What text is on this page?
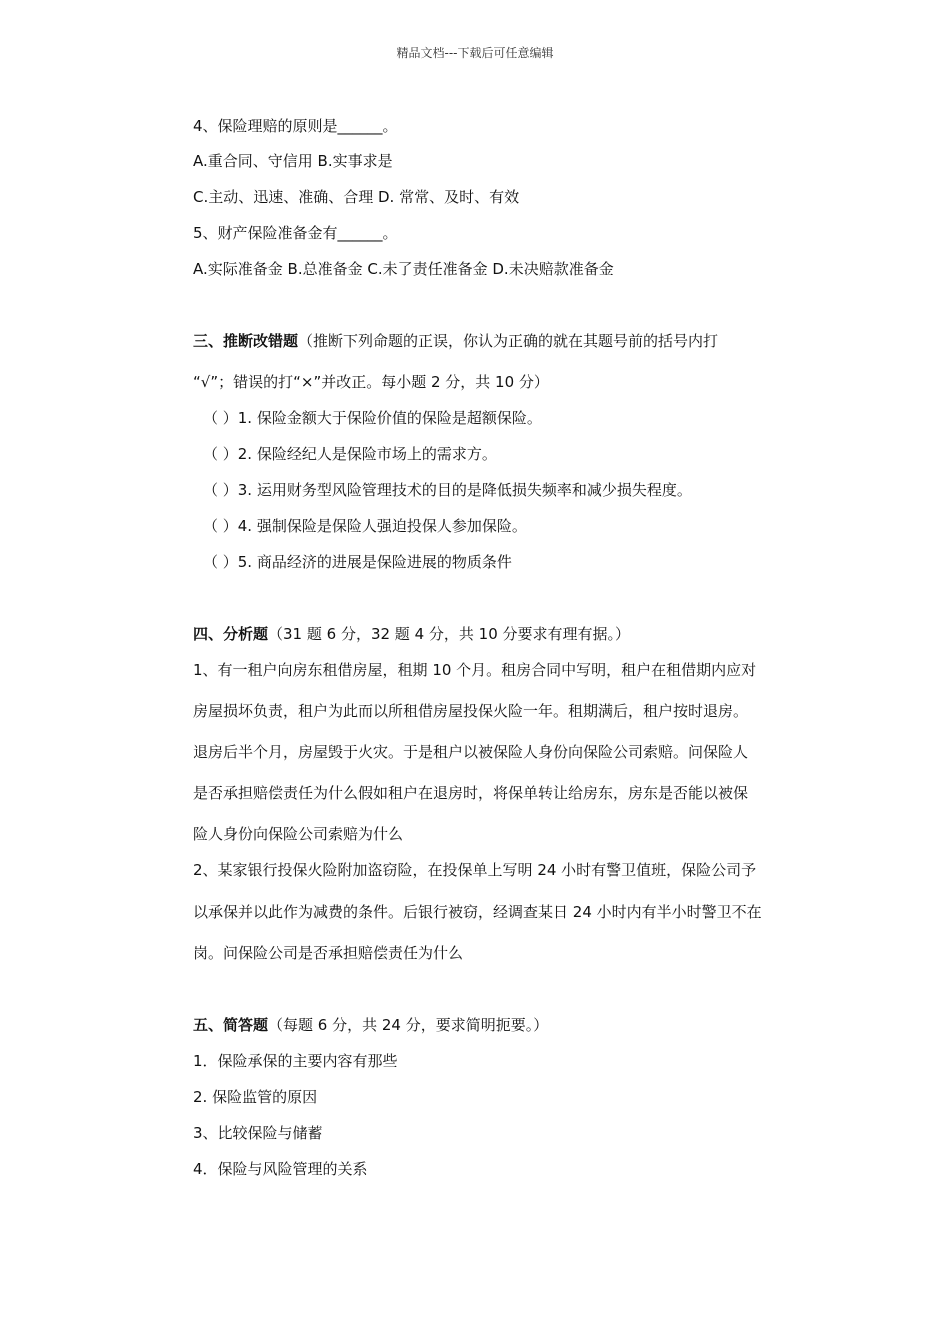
精品文档---下载后可任意编辑
4、保险理赔的原则是______。
A.重合同、守信用 B.实事求是
C.主动、迅速、准确、合理 D. 常常、及时、有效
5、财产保险准备金有______。
A.实际准备金 B.总准备金 C.未了责任准备金 D.未决赔款准备金
三、推断改错题（推断下列命题的正误，你认为正确的就在其题号前的括号内打
“√”；错误的打“×”并改正。每小题 2 分，共 10 分）
（ ）1. 保险金额大于保险价值的保险是超额保险。
（ ）2. 保险经纪人是保险市场上的需求方。
（ ）3. 运用财务型风险管理技术的目的是降低损失频率和减少损失程度。
（ ）4. 强制保险是保险人强迫投保人参加保险。
（ ）5. 商品经济的进展是保险进展的物质条件
四、分析题（31 题 6 分，32 题 4 分，共 10 分要求有理有据。）
1、有一租户向房东租借房屋，租期 10 个月。租房合同中写明，租户在租借期内应对
房屋损坏负责，租户为此而以所租借房屋投保火险一年。租期满后，租户按时退房。
退房后半个月，房屋毁于火灾。于是租户以被保险人身份向保险公司索赔。问保险人
是否承担赔偿责任为什么假如租户在退房时，将保单转让给房东，房东是否能以被保
险人身份向保险公司索赔为什么
2、某家银行投保火险附加盗窃险，在投保单上写明 24 小时有警卫值班，保险公司予
以承保并以此作为减费的条件。后银行被窃，经调查某日 24 小时内有半小时警卫不在
岗。问保险公司是否承担赔偿责任为什么
五、简答题（每题 6 分，共 24 分，要求简明扼要。）
1．保险承保的主要内容有那些
2. 保险监管的原因
3、比较保险与储蓄
4．保险与风险管理的关系
